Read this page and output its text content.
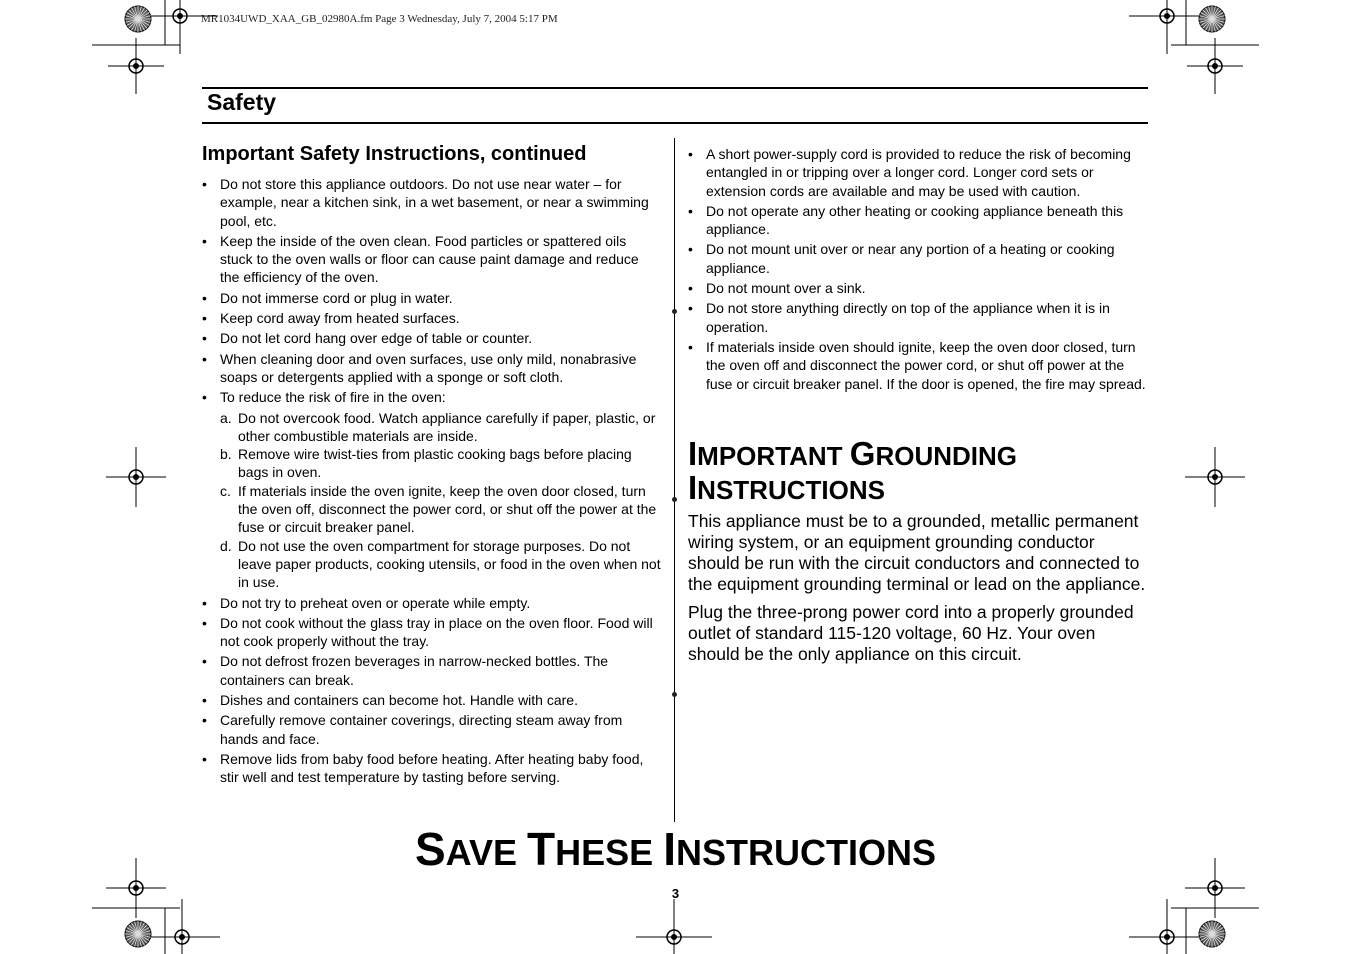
MR1034UWD_XAA_GB_02980A.fm Page 3 Wednesday, July 7, 2004 5:17 PM
Safety
Important Safety Instructions, continued
• Do not store this appliance outdoors. Do not use near water – for example, near a kitchen sink, in a wet basement, or near a swimming pool, etc.
• Keep the inside of the oven clean. Food particles or spattered oils stuck to the oven walls or floor can cause paint damage and reduce the efficiency of the oven.
• Do not immerse cord or plug in water.
• Keep cord away from heated surfaces.
• Do not let cord hang over edge of table or counter.
• When cleaning door and oven surfaces, use only mild, nonabrasive soaps or detergents applied with a sponge or soft cloth.
• To reduce the risk of fire in the oven:
a. Do not overcook food. Watch appliance carefully if paper, plastic, or other combustible materials are inside.
b. Remove wire twist-ties from plastic cooking bags before placing bags in oven.
c. If materials inside the oven ignite, keep the oven door closed, turn the oven off, disconnect the power cord, or shut off the power at the fuse or circuit breaker panel.
d. Do not use the oven compartment for storage purposes. Do not leave paper products, cooking utensils, or food in the oven when not in use.
• Do not try to preheat oven or operate while empty.
• Do not cook without the glass tray in place on the oven floor. Food will not cook properly without the tray.
• Do not defrost frozen beverages in narrow-necked bottles. The containers can break.
• Dishes and containers can become hot. Handle with care.
• Carefully remove container coverings, directing steam away from hands and face.
• Remove lids from baby food before heating. After heating baby food, stir well and test temperature by tasting before serving.
• A short power-supply cord is provided to reduce the risk of becoming entangled in or tripping over a longer cord. Longer cord sets or extension cords are available and may be used with caution.
• Do not operate any other heating or cooking appliance beneath this appliance.
• Do not mount unit over or near any portion of a heating or cooking appliance.
• Do not mount over a sink.
• Do not store anything directly on top of the appliance when it is in operation.
• If materials inside oven should ignite, keep the oven door closed, turn the oven off and disconnect the power cord, or shut off power at the fuse or circuit breaker panel. If the door is opened, the fire may spread.
IMPORTANT GROUNDING
INSTRUCTIONS
This appliance must be to a grounded, metallic permanent wiring system, or an equipment grounding conductor should be run with the circuit conductors and connected to the equipment grounding terminal or lead on the appliance.
Plug the three-prong power cord into a properly grounded outlet of standard 115-120 voltage, 60 Hz. Your oven should be the only appliance on this circuit.
SAVE THESE INSTRUCTIONS
3
